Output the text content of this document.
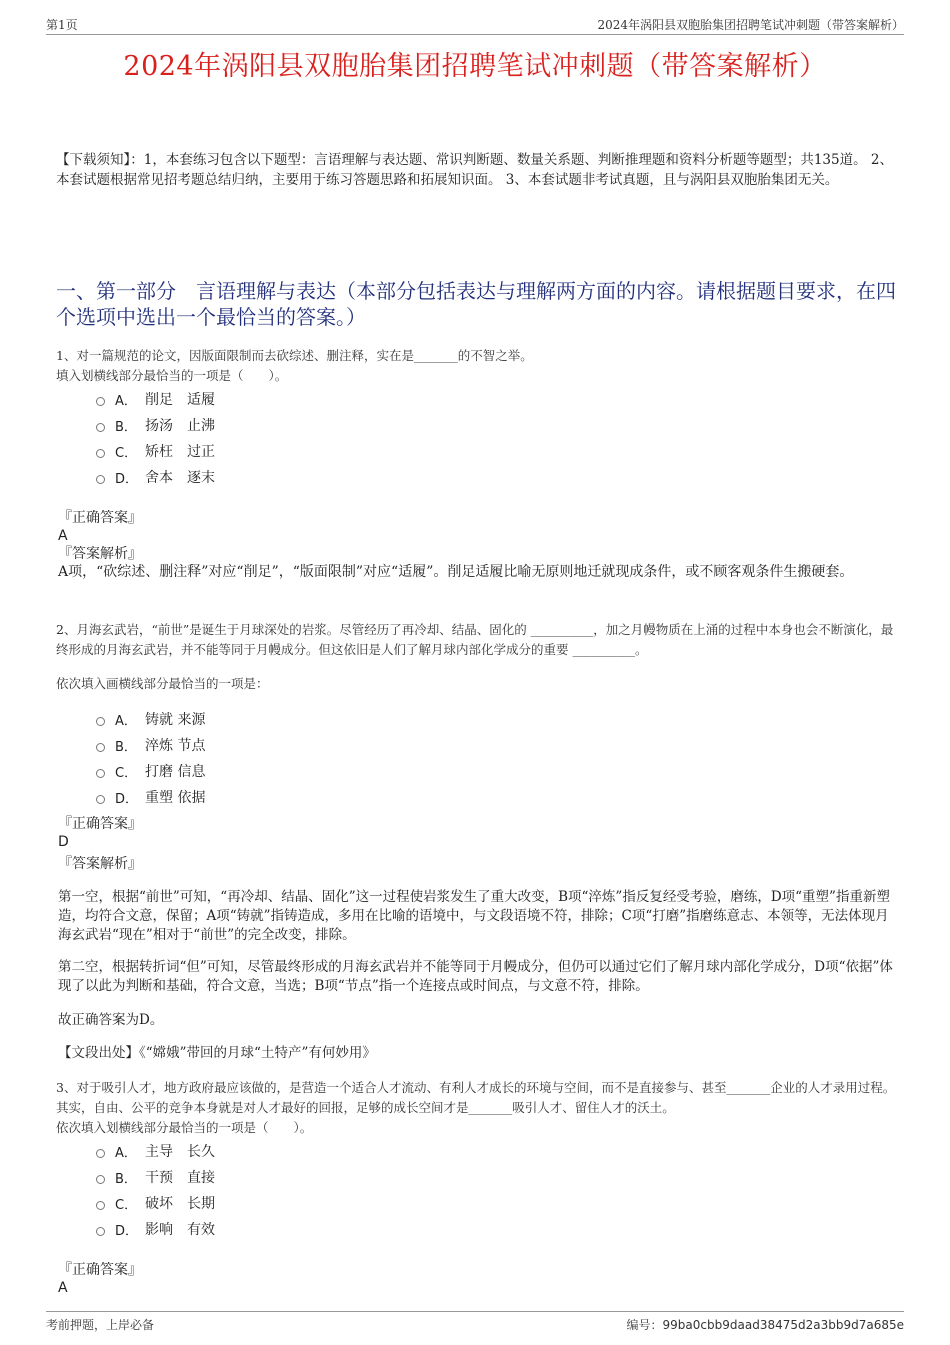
第1页	2024年涡阳县双胞胎集团招聘笔试冲刺题（带答案解析）
2024年涡阳县双胞胎集团招聘笔试冲刺题（带答案解析）
【下载须知】：1，本套练习包含以下题型：言语理解与表达题、常识判断题、数量关系题、判断推理题和资料分析题等题型；共135道。 2、本套试题根据常见招考题总结归纳，主要用于练习答题思路和拓展知识面。 3、本套试题非考试真题，且与涡阳县双胞胎集团无关。
一、第一部分　言语理解与表达（本部分包括表达与理解两方面的内容。请根据题目要求，在四个选项中选出一个最恰当的答案。）
1、对一篇规范的论文，因版面限制而去砍综述、删注释，实在是_______的不智之举。
填入划横线部分最恰当的一项是（　　）。
A． 削足　适履
B． 扬汤　止沸
C． 矫枉　过正
D． 舍本　逐末
『正确答案』
A
『答案解析』
A项，“砍综述、删注释”对应“削足”，“版面限制”对应“适履”。削足适履比喻无原则地迁就现成条件，或不顾客观条件生搬硬套。
2、月海玄武岩，“前世”是诞生于月球深处的岩浆。尽管经历了再冷却、结晶、固化的 __________，加之月幔物质在上涌的过程中本身也会不断演化，最终形成的月海玄武岩，并不能等同于月幔成分。但这依旧是人们了解月球内部化学成分的重要 __________。
依次填入画横线部分最恰当的一项是：
A． 铸就 来源
B． 淬炼 节点
C． 打磨 信息
D． 重塑 依据
『正确答案』
D
『答案解析』
第一空，根据“前世”可知，“再冷却、结晶、固化”这一过程使岩浆发生了重大改变，B项“淬炼”指反复经受考验，磨练，D项“重塑”指重新塑造，均符合文意，保留；A项“铸就”指铸造成，多用在比喻的语境中，与文段语境不符，排除；C项“打磨”指磨练意志、本领等，无法体现月海玄武岩“现在”相对于“前世”的完全改变，排除。
第二空，根据转折词“但”可知，尽管最终形成的月海玄武岩并不能等同于月幔成分，但仍可以通过它们了解月球内部化学成分，D项“依据”体现了以此为判断和基础，符合文意，当选；B项“节点”指一个连接点或时间点，与文意不符，排除。
故正确答案为D。
【文段出处】《“嫦娥”带回的月球“土特产”有何妙用》
3、对于吸引人才，地方政府最应该做的，是营造一个适合人才流动、有利人才成长的环境与空间，而不是直接参与、甚至_______企业的人才录用过程。其实，自由、公平的竞争本身就是对人才最好的回报，足够的成长空间才是_______吸引人才、留住人才的沃土。
依次填入划横线部分最恰当的一项是（　　）。
A． 主导　长久
B． 干预　直接
C． 破坏　长期
D． 影响　有效
『正确答案』
A
考前押题，上岸必备	编号：99ba0cbb9daad38475d2a3bb9d7a685e
